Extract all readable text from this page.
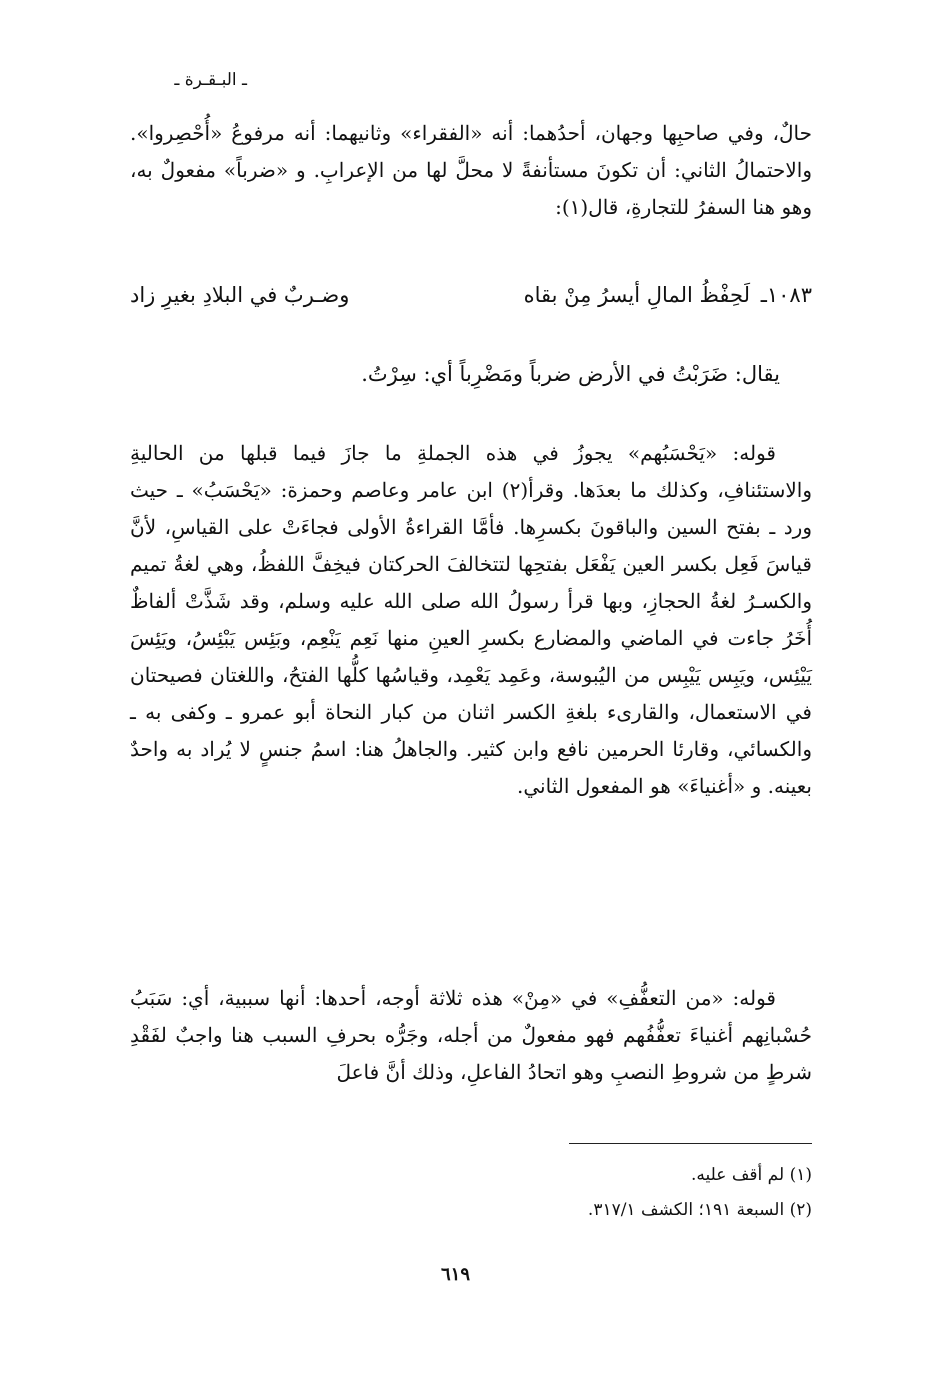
ـ البـقـرة ـ

حالٌ، وفي صاحبِها وجهان، أحدُهما: أنه «الفقراء» وثانيهما: أنه مرفوعُ «أُحْصِروا». والاحتمالُ الثاني: أن تكونَ مستأنفةً لا محلَّ لها من الإعرابِ. و «ضرباً» مفعولٌ به، وهو هنا السفرُ للتجارةِ، قال(١):

١٠٨٣ـ
لَحِفْظُ المالِ أيسرُ مِنْ بقاه
وضـربٌ في البلادِ بغيرِ زاد
يقال: ضَرَبْتُ في الأرض ضرباً ومَضْرِباً أي: سِرْتُ.

قوله: «يَحْسَبُهم» يجوزُ في هذه الجملةِ ما جازَ فيما قبلها من الحاليةِ والاستئنافِ، وكذلك ما بعدَها. وقرأ(٢) ابن عامر وعاصم وحمزة: «يَحْسَبُ» ـ حيث ورد ـ بفتح السين والباقونَ بكسرِها. فأمَّا القراءةُ الأولى فجاءَتْ على القياسِ، لأنَّ قياسَ فَعِل بكسر العين يَفْعَل بفتحِها لتتخالفَ الحركتان فيخِفَّ اللفظُ، وهي لغةُ تميم والكسـرُ لغةُ الحجازِ، وبها قرأ رسولُ الله صلى الله عليه وسلم، وقد شَذَّتْ ألفاظٌ أُخَرُ جاءت في الماضي والمضارع بكسرِ العينِ منها نَعِم يَنْعِم، وبَئِس يَبْئِسُ، ويَئِسَ يَيْئِس، ويَبِس يَيْبِس من اليُبوسة، وعَمِد يَعْمِد، وقياسُها كلُّها الفتحُ، واللغتان فصيحتان في الاستعمال، والقارىء بلغةِ الكسر اثنان من كبار النحاة أبو عمرو ـ وكفى به ـ والكسائي، وقارئا الحرمين نافع وابن كثير. والجاهلُ هنا: اسمُ جنسٍ لا يُراد به واحدٌ بعينه. و «أغنياءَ» هو المفعول الثاني.

قوله: «من التعفُّفِ» في «مِنْ» هذه ثلاثة أوجه، أحدها: أنها سببية، أي: سَبَبُ حُسْبانِهم أغنياءَ تعفُّفُهم فهو مفعولٌ من أجله، وجَرُّه بحرفِ السبب هنا واجبٌ لفَقْدِ شرطٍ من شروطِ النصبِ وهو اتحادُ الفاعلِ، وذلك أنَّ فاعلَ

(١) لم أقف عليه.
(٢) السبعة ١٩١؛ الكشف ٣١٧/١.
٦١٩
